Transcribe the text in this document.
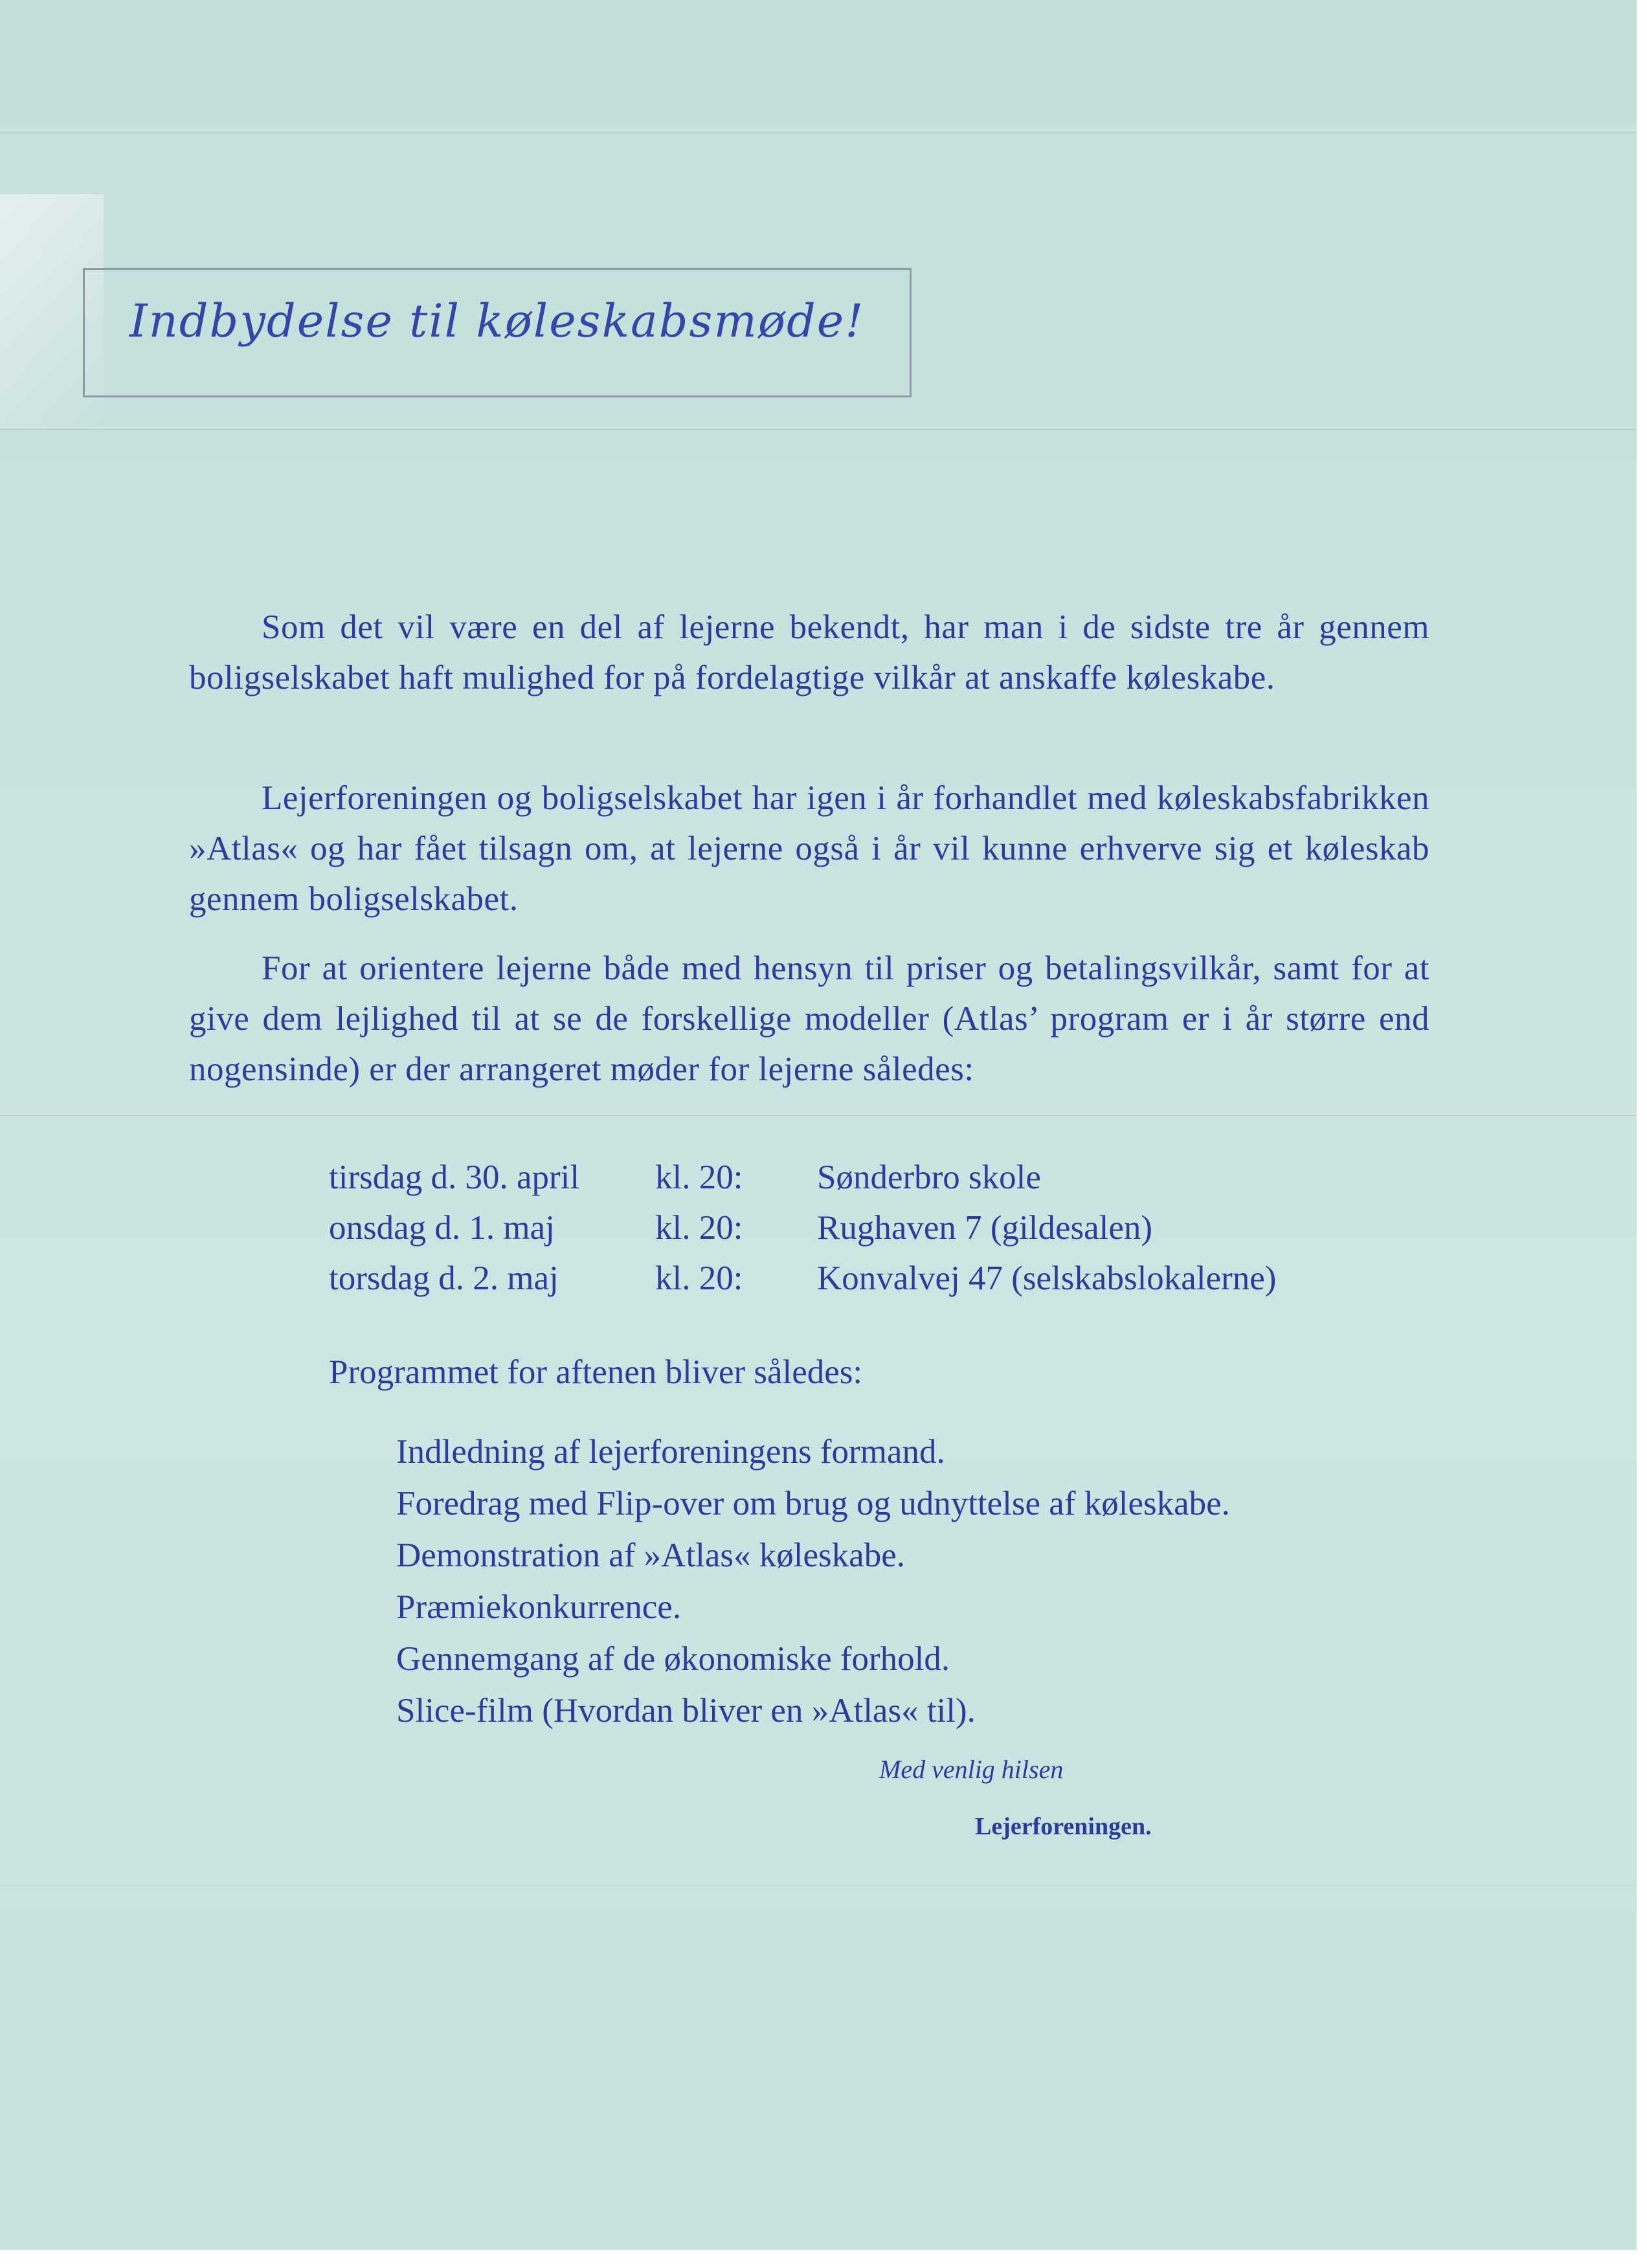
Indbydelse til køleskabsmøde!

Som det vil være en del af lejerne bekendt, har man i de sidste tre år gennem boligselskabet haft mulighed for på fordelagtige vilkår at anskaffe køleskabe.

Lejerforeningen og boligselskabet har igen i år forhandlet med køleskabsfabrikken »Atlas« og har fået tilsagn om, at lejerne også i år vil kunne erhverve sig et køleskab gennem boligselskabet.

For at orientere lejerne både med hensyn til priser og betalingsvilkår, samt for at give dem lejlighed til at se de forskellige modeller (Atlas’ program er i år større end nogensinde) er der arrangeret møder for lejerne således:

tirsdag d. 30. april	kl. 20:	Sønderbro skole
onsdag d. 1. maj	kl. 20:	Rughaven 7 (gildesalen)
torsdag d. 2. maj	kl. 20:	Konvalvej 47 (selskabslokalerne)
Programmet for aftenen bliver således:
Indledning af lejerforeningens formand.
Foredrag med Flip-over om brug og udnyttelse af køleskabe.
Demonstration af »Atlas« køleskabe.
Præmiekonkurrence.
Gennemgang af de økonomiske forhold.
Slice-film (Hvordan bliver en »Atlas« til).
Med venlig hilsen
Lejerforeningen.
